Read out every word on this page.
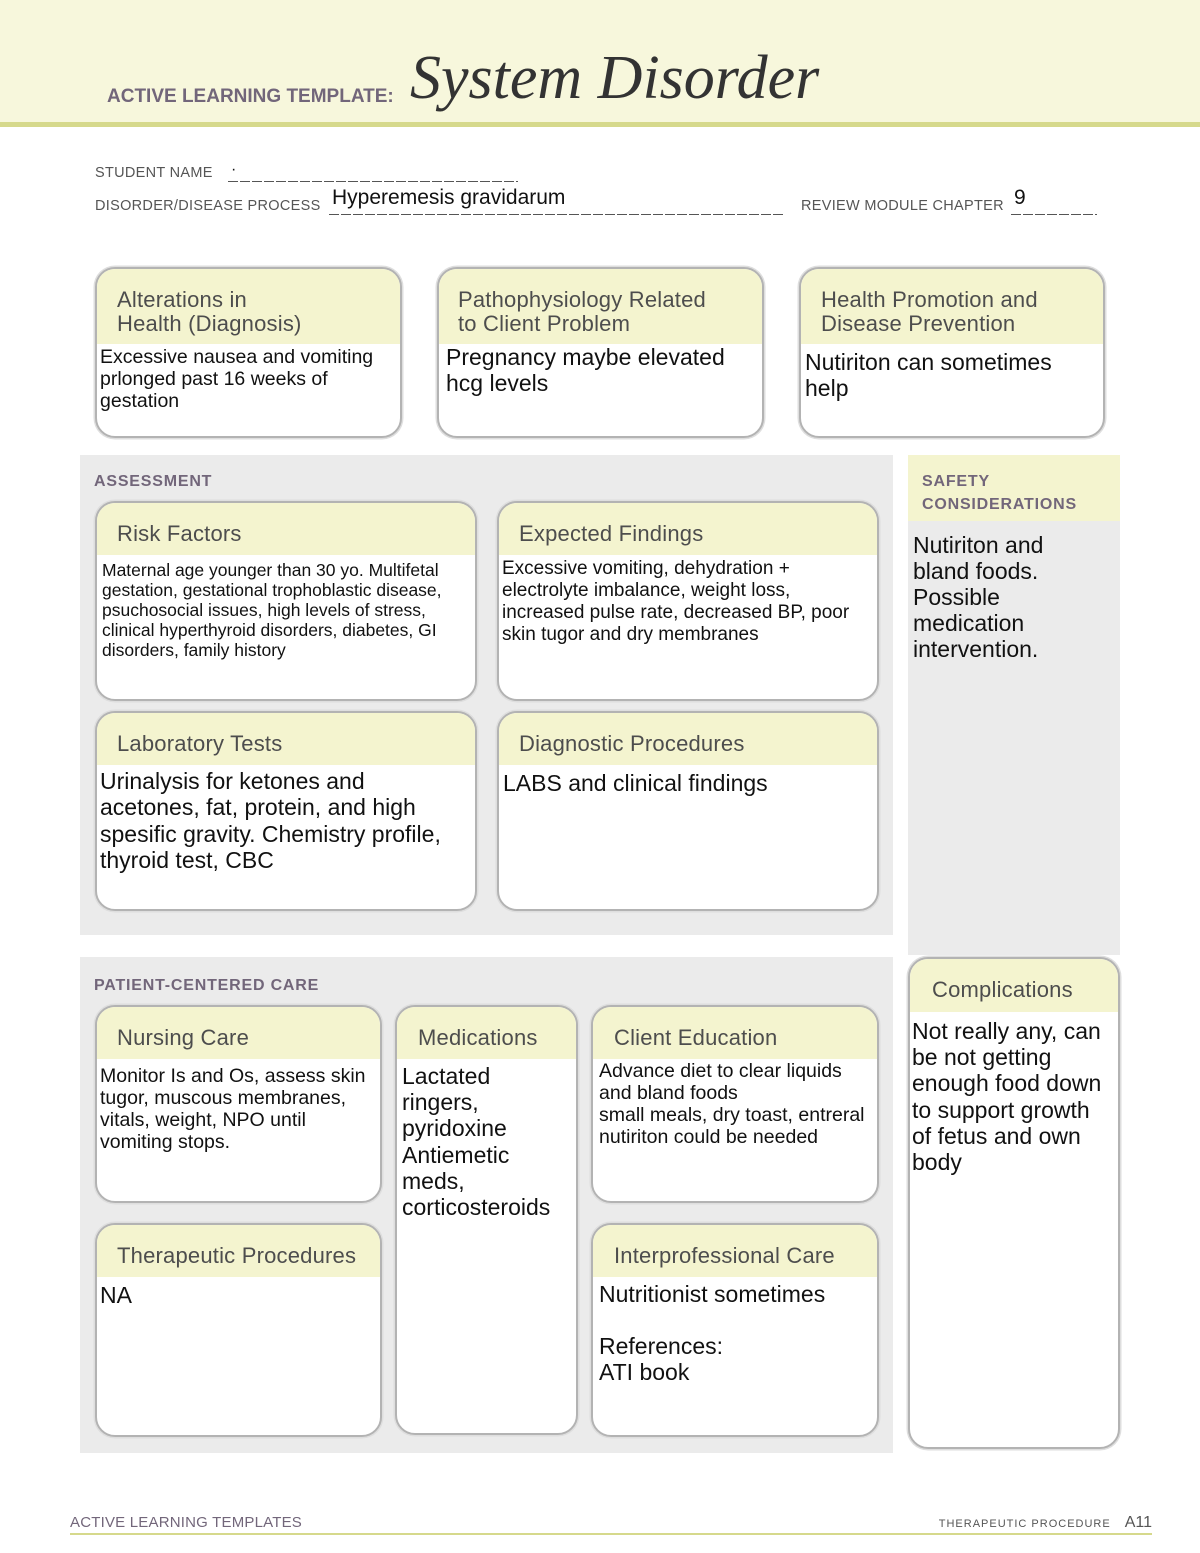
ACTIVE LEARNING TEMPLATE: System Disorder
STUDENT NAME ·
DISORDER/DISEASE PROCESS Hyperemesis gravidarum	REVIEW MODULE CHAPTER 9
Alterations in
Health (Diagnosis)
Excessive nausea and vomiting
prlonged past 16 weeks of
gestation
Pathophysiology Related
to Client Problem
Pregnancy maybe elevated
hcg levels
Health Promotion and
Disease Prevention
Nutiriton can sometimes
help
ASSESSMENT
Risk Factors
Maternal age younger than 30 yo. Multifetal
gestation, gestational trophoblastic disease,
psuchosocial issues, high levels of stress,
clinical hyperthyroid disorders, diabetes, GI
disorders, family history
Expected Findings
Excessive vomiting, dehydration +
electrolyte imbalance, weight loss,
increased pulse rate, decreased BP, poor
skin tugor and dry membranes
Laboratory Tests
Urinalysis for ketones and
acetones, fat, protein, and high
spesific gravity. Chemistry profile,
thyroid test, CBC
Diagnostic Procedures
LABS and clinical findings
SAFETY
CONSIDERATIONS
Nutiriton and
bland foods.
Possible
medication
intervention.
PATIENT-CENTERED CARE
Nursing Care
Monitor Is and Os, assess skin
tugor, muscous membranes,
vitals, weight, NPO until
vomiting stops.
Medications
Lactated
ringers,
pyridoxine
Antiemetic
meds,
corticosteroids
Client Education
Advance diet to clear liquids
and bland foods
small meals, dry toast, entreral
nutiriton could be needed
Therapeutic Procedures
NA
Interprofessional Care
Nutritionist sometimes

References:
ATI book
Complications
Not really any, can
be not getting
enough food down
to support growth
of fetus and own
body
ACTIVE LEARNING TEMPLATES	THERAPEUTIC PROCEDURE A11
